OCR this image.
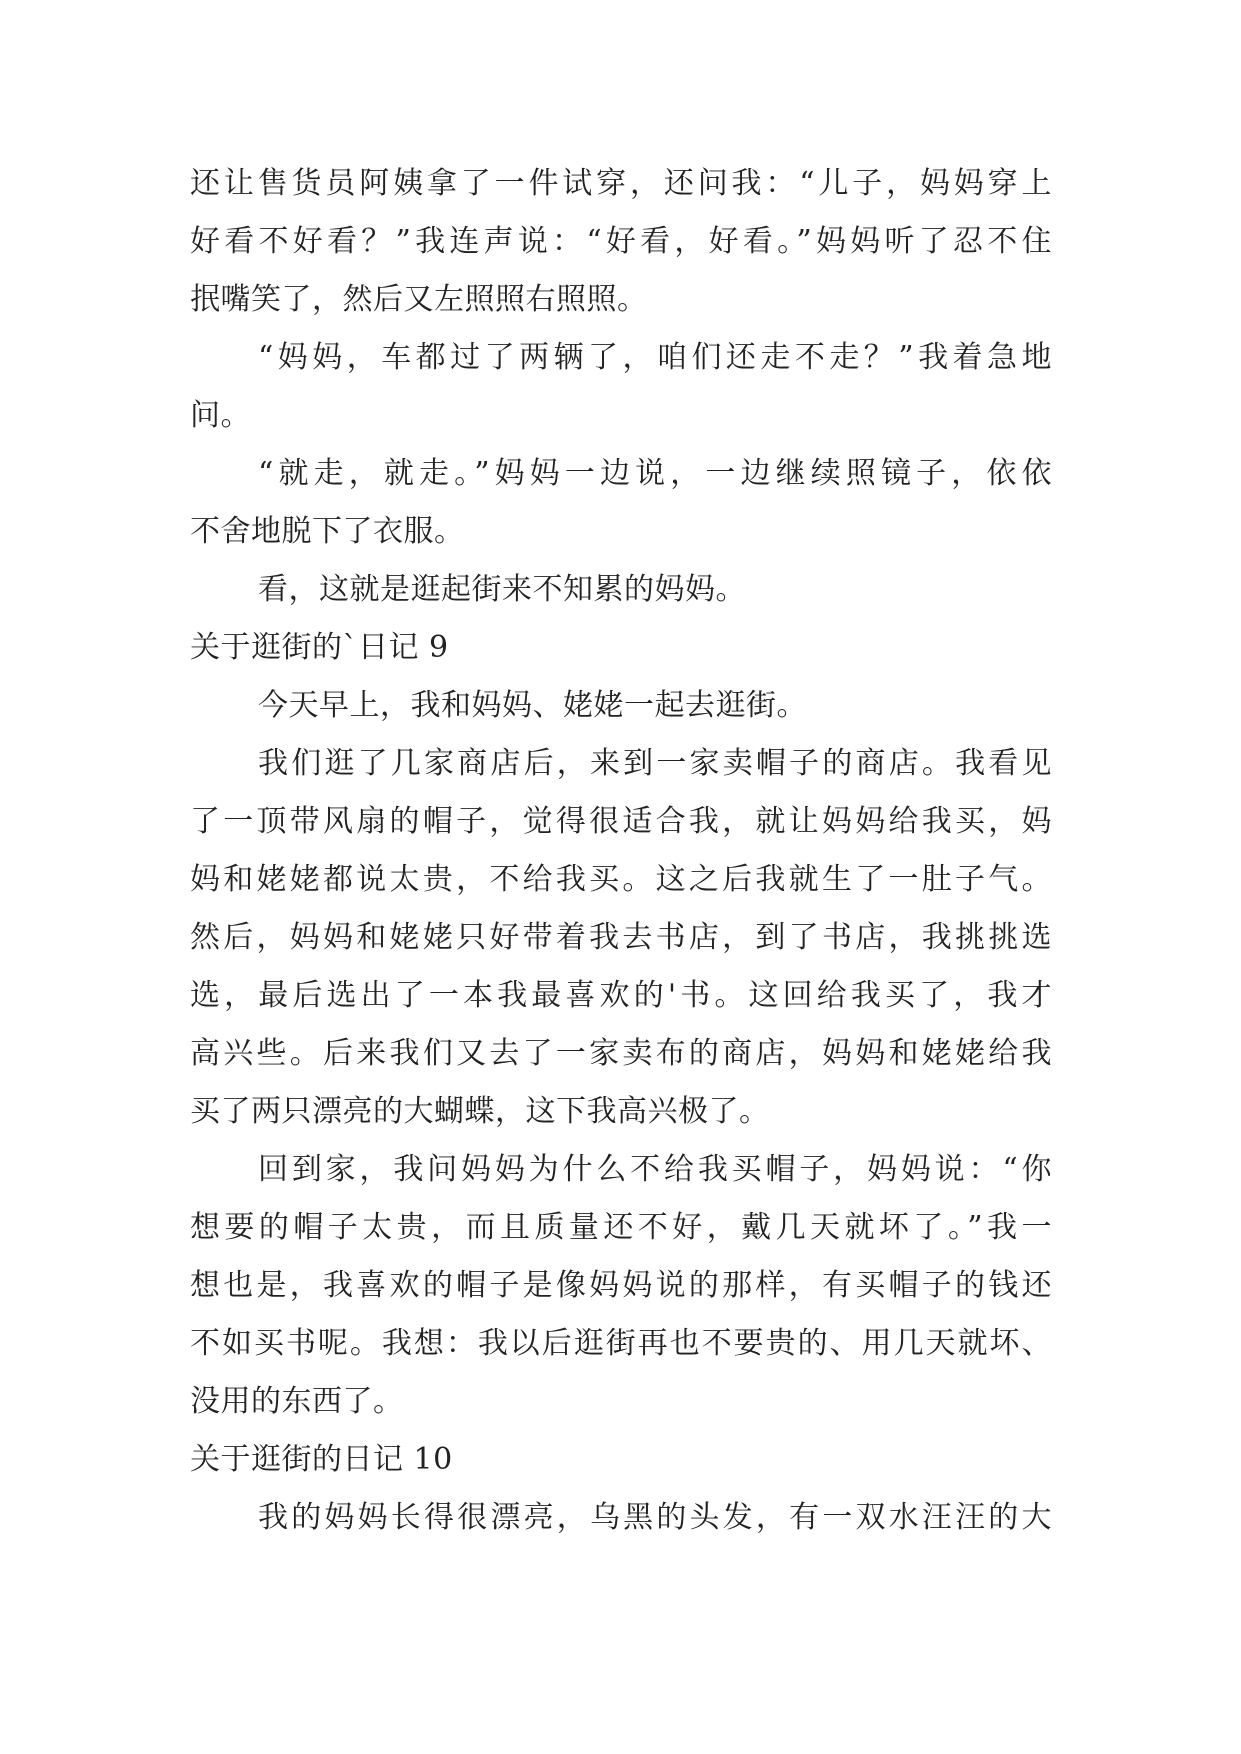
还让售货员阿姨拿了一件试穿，还问我：“儿子，妈妈穿上

好看不好看？”我连声说：“好看，好看。”妈妈听了忍不住

抿嘴笑了，然后又左照照右照照。

“妈妈，车都过了两辆了，咱们还走不走？”我着急地

问。

“就走，就走。”妈妈一边说，一边继续照镜子，依依

不舍地脱下了衣服。

看，这就是逛起街来不知累的妈妈。

关于逛街的`日记 9

今天早上，我和妈妈、姥姥一起去逛街。

我们逛了几家商店后，来到一家卖帽子的商店。我看见

了一顶带风扇的帽子，觉得很适合我，就让妈妈给我买，妈

妈和姥姥都说太贵，不给我买。这之后我就生了一肚子气。

然后，妈妈和姥姥只好带着我去书店，到了书店，我挑挑选

选，最后选出了一本我最喜欢的'书。这回给我买了，我才

高兴些。后来我们又去了一家卖布的商店，妈妈和姥姥给我

买了两只漂亮的大蝴蝶，这下我高兴极了。

回到家，我问妈妈为什么不给我买帽子，妈妈说：“你

想要的帽子太贵，而且质量还不好，戴几天就坏了。”我一

想也是，我喜欢的帽子是像妈妈说的那样，有买帽子的钱还

不如买书呢。我想：我以后逛街再也不要贵的、用几天就坏、

没用的东西了。

关于逛街的日记 10

我的妈妈长得很漂亮，乌黑的头发，有一双水汪汪的大
